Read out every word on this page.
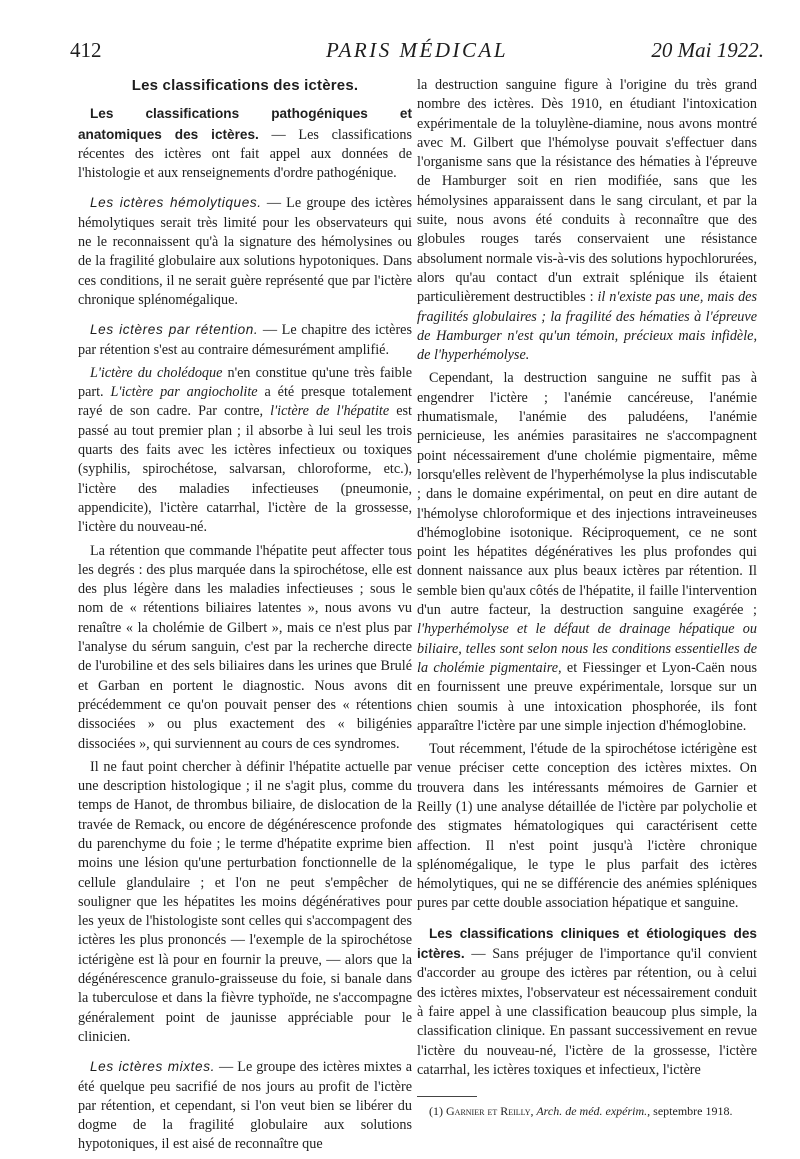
412	PARIS MÉDICAL	20 Mai 1922.
Les classifications des ictères.

Les classifications pathogéniques et anatomiques des ictères. — Les classifications récentes des ictères ont fait appel aux données de l'histologie et aux renseignements d'ordre pathogénique.

Les ictères hémolytiques. — Le groupe des ictères hémolytiques serait très limité pour les observateurs qui ne le reconnaissent qu'à la signature des hémolysines ou de la fragilité globulaire aux solutions hypotoniques. Dans ces conditions, il ne serait guère représenté que par l'ictère chronique splénomégalique.

Les ictères par rétention. — Le chapitre des ictères par rétention s'est au contraire démesurément amplifié.

L'ictère du cholédoque n'en constitue qu'une très faible part. L'ictère par angiocholite a été presque totalement rayé de son cadre. Par contre, l'ictère de l'hépatite est passé au tout premier plan ; il absorbe à lui seul les trois quarts des faits avec les ictères infectieux ou toxiques (syphilis, spirochétose, salvarsan, chloroforme, etc.), l'ictère des maladies infectieuses (pneumonie, appendicite), l'ictère catarrhal, l'ictère de la grossesse, l'ictère du nouveau-né.

La rétention que commande l'hépatite peut affecter tous les degrés : des plus marquée dans la spirochétose, elle est des plus légère dans les maladies infectieuses ; sous le nom de « rétentions biliaires latentes », nous avons vu renaître « la cholémie de Gilbert », mais ce n'est plus par l'analyse du sérum sanguin, c'est par la recherche directe de l'urobiline et des sels biliaires dans les urines que Brulé et Garban en portent le diagnostic. Nous avons dit précédemment ce qu'on pouvait penser des « rétentions dissociées » ou plus exactement des « biligénies dissociées », qui surviennent au cours de ces syndromes.

Il ne faut point chercher à définir l'hépatite actuelle par une description histologique ; il ne s'agit plus, comme du temps de Hanot, de thrombus biliaire, de dislocation de la travée de Remack, ou encore de dégénérescence profonde du parenchyme du foie ; le terme d'hépatite exprime bien moins une lésion qu'une perturbation fonctionnelle de la cellule glandulaire ; et l'on ne peut s'empêcher de souligner que les hépatites les moins dégénératives pour les yeux de l'histologiste sont celles qui s'accompagent des ictères les plus prononcés — l'exemple de la spirochétose ictérigène est là pour en fournir la preuve, — alors que la dégénérescence granulo-graisseuse du foie, si banale dans la tuberculose et dans la fièvre typhoïde, ne s'accompagne généralement point de jaunisse appréciable pour le clinicien.

Les ictères mixtes. — Le groupe des ictères mixtes a été quelque peu sacrifié de nos jours au profit de l'ictère par rétention, et cependant, si l'on veut bien se libérer du dogme de la fragilité globulaire aux solutions hypotoniques, il est aisé de reconnaître que

la destruction sanguine figure à l'origine du très grand nombre des ictères. Dès 1910, en étudiant l'intoxication expérimentale de la toluylène-diamine, nous avons montré avec M. Gilbert que l'hémolyse pouvait s'effectuer dans l'organisme sans que la résistance des hématies à l'épreuve de Hamburger soit en rien modifiée, sans que les hémolysines apparaissent dans le sang circulant, et par la suite, nous avons été conduits à reconnaître que des globules rouges tarés conservaient une résistance absolument normale vis-à-vis des solutions hypochlorurées, alors qu'au contact d'un extrait splénique ils étaient particulièrement destructibles : il n'existe pas une, mais des fragilités globulaires ; la fragilité des hématies à l'épreuve de Hamburger n'est qu'un témoin, précieux mais infidèle, de l'hyperhémolyse.

Cependant, la destruction sanguine ne suffit pas à engendrer l'ictère ; l'anémie cancéreuse, l'anémie rhumatismale, l'anémie des paludéens, l'anémie pernicieuse, les anémies parasitaires ne s'accompagnent point nécessairement d'une cholémie pigmentaire, même lorsqu'elles relèvent de l'hyperhémolyse la plus indiscutable ; dans le domaine expérimental, on peut en dire autant de l'hémolyse chloroformique et des injections intraveineuses d'hémoglobine isotonique. Réciproquement, ce ne sont point les hépatites dégénératives les plus profondes qui donnent naissance aux plus beaux ictères par rétention. Il semble bien qu'aux côtés de l'hépatite, il faille l'intervention d'un autre facteur, la destruction sanguine exagérée ; l'hyperhémolyse et le défaut de drainage hépatique ou biliaire, telles sont selon nous les conditions essentielles de la cholémie pigmentaire, et Fiessinger et Lyon-Caën nous en fournissent une preuve expérimentale, lorsque sur un chien soumis à une intoxication phosphorée, ils font apparaître l'ictère par une simple injection d'hémoglobine.

Tout récemment, l'étude de la spirochétose ictérigène est venue préciser cette conception des ictères mixtes. On trouvera dans les intéressants mémoires de Garnier et Reilly (1) une analyse détaillée de l'ictère par polycholie et des stigmates hématologiques qui caractérisent cette affection. Il n'est point jusqu'à l'ictère chronique splénomégalique, le type le plus parfait des ictères hémolytiques, qui ne se différencie des anémies spléniques pures par cette double association hépatique et sanguine.

Les classifications cliniques et étiologiques des ictères. — Sans préjuger de l'importance qu'il convient d'accorder au groupe des ictères par rétention, ou à celui des ictères mixtes, l'observateur est nécessairement conduit à faire appel à une classification beaucoup plus simple, la classification clinique. En passant successivement en revue l'ictère du nouveau-né, l'ictère de la grossesse, l'ictère catarrhal, les ictères toxiques et infectieux, l'ictère

(1) Garnier et Reilly, Arch. de méd. expérim., septembre 1918.
